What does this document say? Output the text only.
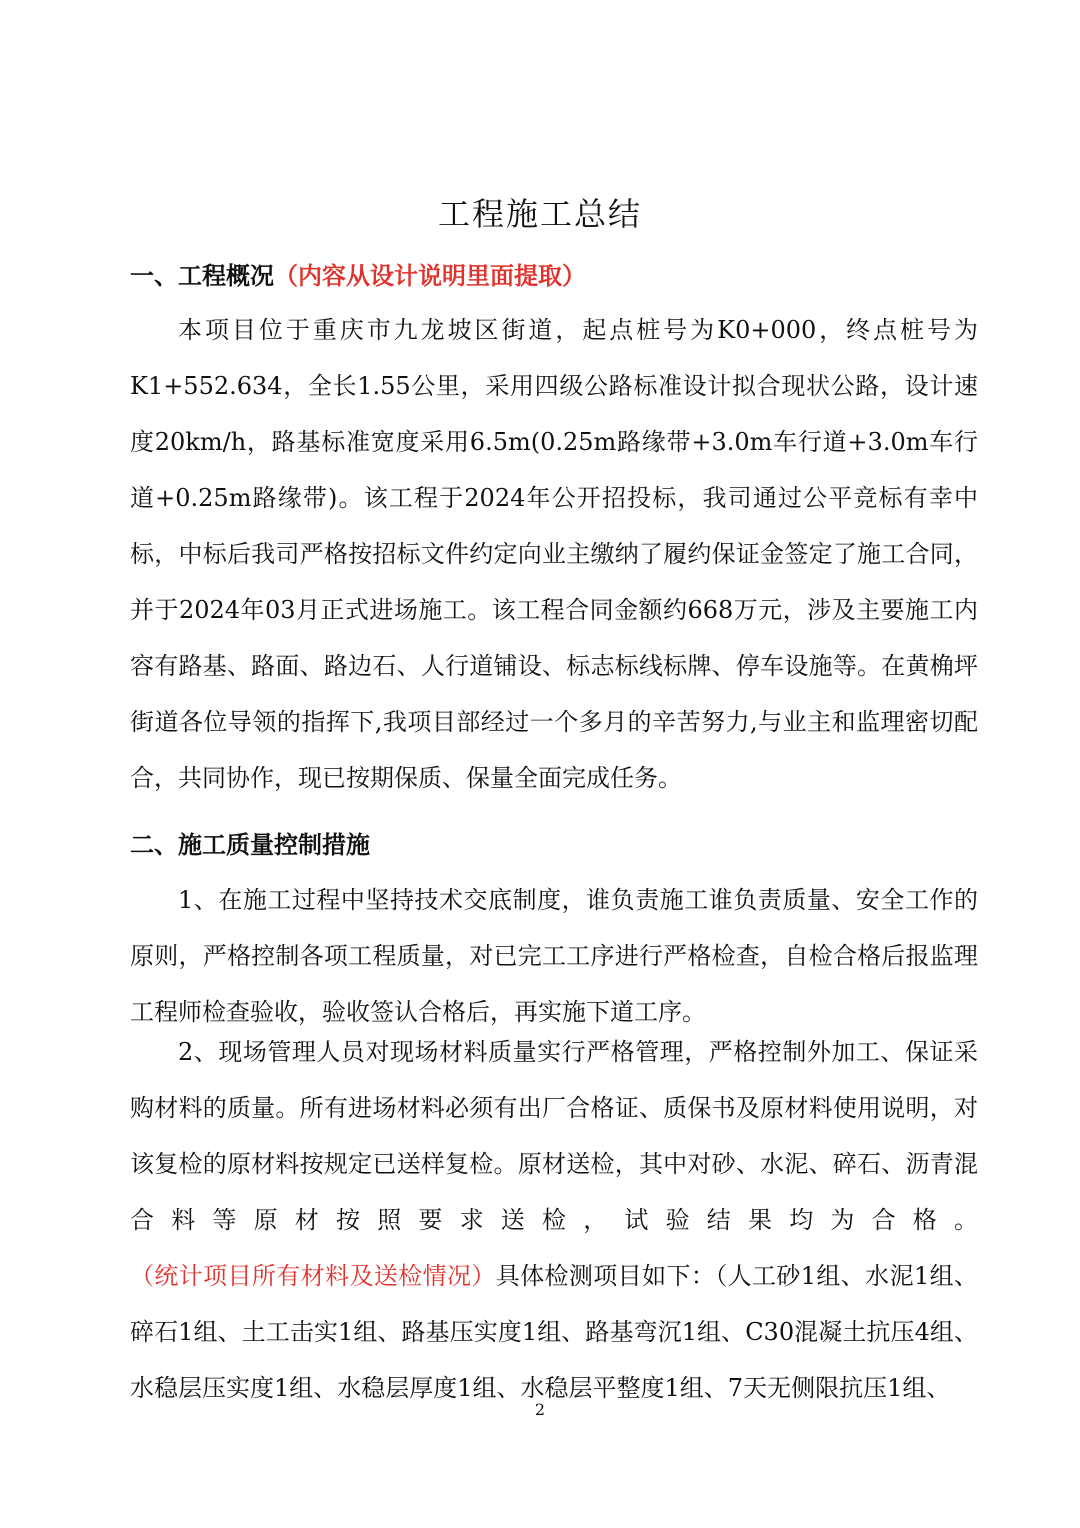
工程施工总结
一、工程概况（内容从设计说明里面提取）

本项目位于重庆市九龙坡区街道，起点桩号为K0+000，终点桩号为K1+552.634，全长1.55公里，采用四级公路标准设计拟合现状公路，设计速度20km/h，路基标准宽度采用6.5m(0.25m路缘带+3.0m车行道+3.0m车行道+0.25m路缘带)。该工程于2024年公开招投标，我司通过公平竞标有幸中标，中标后我司严格按招标文件约定向业主缴纳了履约保证金签定了施工合同，并于2024年03月正式进场施工。该工程合同金额约668万元，涉及主要施工内容有路基、路面、路边石、人行道铺设、标志标线标牌、停车设施等。在黄桷坪街道各位导领的指挥下,我项目部经过一个多月的辛苦努力,与业主和监理密切配合，共同协作，现已按期保质、保量全面完成任务。

二、施工质量控制措施

1、在施工过程中坚持技术交底制度，谁负责施工谁负责质量、安全工作的原则，严格控制各项工程质量，对已完工工序进行严格检查，自检合格后报监理工程师检查验收，验收签认合格后，再实施下道工序。

2、现场管理人员对现场材料质量实行严格管理，严格控制外加工、保证采购材料的质量。所有进场材料必须有出厂合格证、质保书及原材料使用说明，对该复检的原材料按规定已送样复检。原材送检，其中对砂、水泥、碎石、沥青混合料等原材按照要求送检，试验结果均为合格。（统计项目所有材料及送检情况）具体检测项目如下：（人工砂1组、水泥1组、碎石1组、土工击实1组、路基压实度1组、路基弯沉1组、C30混凝土抗压4组、水稳层压实度1组、水稳层厚度1组、水稳层平整度1组、7天无侧限抗压1组、

2
